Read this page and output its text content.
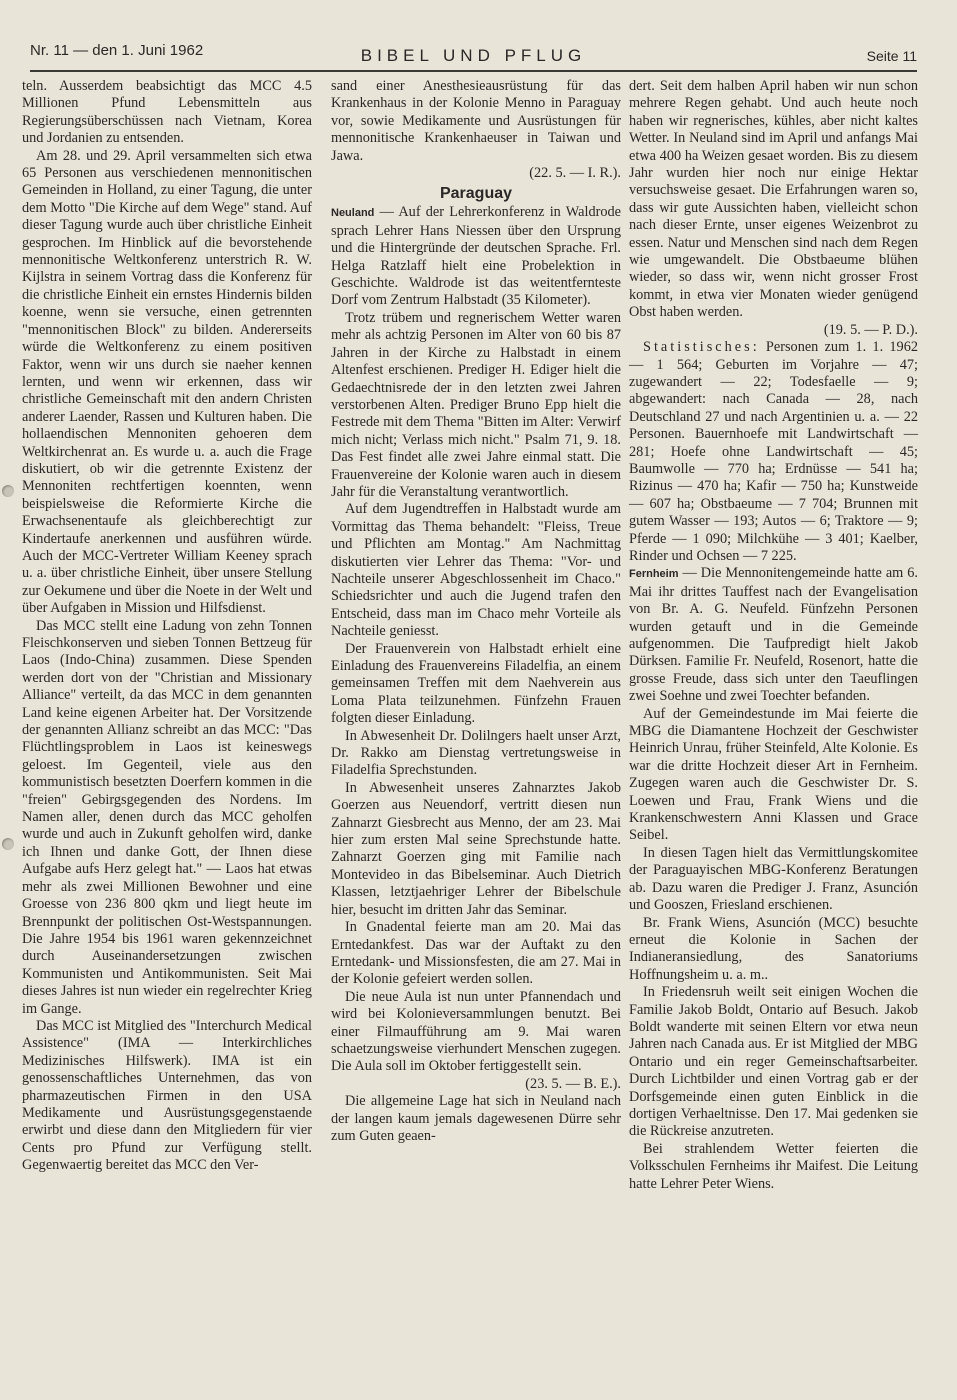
Nr. 11 — den 1. Juni 1962	BIBEL UND PFLUG	Seite 11

teln. Ausserdem beabsichtigt das MCC 4.5 Millionen Pfund Lebensmitteln aus Regierungsüberschüssen nach Vietnam, Korea und Jordanien zu entsenden.

Am 28. und 29. April versammelten sich etwa 65 Personen aus verschiedenen mennonitischen Gemeinden in Holland, zu einer Tagung, die unter dem Motto "Die Kirche auf dem Wege" stand. Auf dieser Tagung wurde auch über christliche Einheit gesprochen. Im Hinblick auf die bevorstehende mennonitische Weltkonferenz unterstrich R. W. Kijlstra in seinem Vortrag dass die Konferenz für die christliche Einheit ein ernstes Hindernis bilden koenne, wenn sie versuche, einen getrennten "mennonitischen Block" zu bilden. Andererseits würde die Weltkonferenz zu einem positiven Faktor, wenn wir uns durch sie naeher kennen lernten, und wenn wir erkennen, dass wir christliche Gemeinschaft mit den andern Christen anderer Laender, Rassen und Kulturen haben. Die hollaendischen Mennoniten gehoeren dem Weltkirchenrat an. Es wurde u. a. auch die Frage diskutiert, ob wir die getrennte Existenz der Mennoniten rechtfertigen koennten, wenn beispielsweise die Reformierte Kirche die Erwachsenentaufe als gleichberechtigt zur Kindertaufe anerkennen und ausführen würde. Auch der MCC-Vertreter William Keeney sprach u. a. über christliche Einheit, über unsere Stellung zur Oekumene und über die Noete in der Welt und über Aufgaben in Mission und Hilfsdienst.

Das MCC stellt eine Ladung von zehn Tonnen Fleischkonserven und sieben Tonnen Bettzeug für Laos (Indo-China) zusammen. Diese Spenden werden dort von der "Christian and Missionary Alliance" verteilt, da das MCC in dem genannten Land keine eigenen Arbeiter hat. Der Vorsitzende der genannten Allianz schreibt an das MCC: "Das Flüchtlingsproblem in Laos ist keineswegs geloest. Im Gegenteil, viele aus den kommunistisch besetzten Doerfern kommen in die "freien" Gebirgsgegenden des Nordens. Im Namen aller, denen durch das MCC geholfen wurde und auch in Zukunft geholfen wird, danke ich Ihnen und danke Gott, der Ihnen diese Aufgabe aufs Herz gelegt hat." — Laos hat etwas mehr als zwei Millionen Bewohner und eine Groesse von 236 800 qkm und liegt heute im Brennpunkt der politischen Ost-Westspannungen. Die Jahre 1954 bis 1961 waren gekennzeichnet durch Auseinandersetzungen zwischen Kommunisten und Antikommunisten. Seit Mai dieses Jahres ist nun wieder ein regelrechter Krieg im Gange.

Das MCC ist Mitglied des "Interchurch Medical Assistence" (IMA — Interkirchliches Medizinisches Hilfswerk). IMA ist ein genossenschaftliches Unternehmen, das von pharmazeutischen Firmen in den USA Medikamente und Ausrüstungsgegenstaende erwirbt und diese dann den Mitgliedern für vier Cents pro Pfund zur Verfügung stellt. Gegenwaertig bereitet das MCC den Ver-

sand einer Anesthesieausrüstung für das Krankenhaus in der Kolonie Menno in Paraguay vor, sowie Medikamente und Ausrüstungen für mennonitische Krankenhaeuser in Taiwan und Jawa.

(22. 5. — I. R.).
Paraguay

Neuland — Auf der Lehrerkonferenz in Waldrode sprach Lehrer Hans Niessen über den Ursprung und die Hintergründe der deutschen Sprache. Frl. Helga Ratzlaff hielt eine Probelektion in Geschichte. Waldrode ist das weitentfernteste Dorf vom Zentrum Halbstadt (35 Kilometer).

Trotz trübem und regnerischem Wetter waren mehr als achtzig Personen im Alter von 60 bis 87 Jahren in der Kirche zu Halbstadt in einem Altenfest erschienen. Prediger H. Ediger hielt die Gedaechtnisrede der in den letzten zwei Jahren verstorbenen Alten. Prediger Bruno Epp hielt die Festrede mit dem Thema "Bitten im Alter: Verwirf mich nicht; Verlass mich nicht." Psalm 71, 9. 18. Das Fest findet alle zwei Jahre einmal statt. Die Frauenvereine der Kolonie waren auch in diesem Jahr für die Veranstaltung verantwortlich.

Auf dem Jugendtreffen in Halbstadt wurde am Vormittag das Thema behandelt: "Fleiss, Treue und Pflichten am Montag." Am Nachmittag diskutierten vier Lehrer das Thema: "Vor- und Nachteile unserer Abgeschlossenheit im Chaco." Schiedsrichter und auch die Jugend trafen den Entscheid, dass man im Chaco mehr Vorteile als Nachteile geniesst.

Der Frauenverein von Halbstadt erhielt eine Einladung des Frauenvereins Filadelfia, an einem gemeinsamen Treffen mit dem Naehverein aus Loma Plata teilzunehmen. Fünfzehn Frauen folgten dieser Einladung.

In Abwesenheit Dr. Dolilngers haelt unser Arzt, Dr. Rakko am Dienstag vertretungsweise in Filadelfia Sprechstunden.

In Abwesenheit unseres Zahnarztes Jakob Goerzen aus Neuendorf, vertritt diesen nun Zahnarzt Giesbrecht aus Menno, der am 23. Mai hier zum ersten Mal seine Sprechstunde hatte. Zahnarzt Goerzen ging mit Familie nach Montevideo in das Bibelseminar. Auch Dietrich Klassen, letztjaehriger Lehrer der Bibelschule hier, besucht im dritten Jahr das Seminar.

In Gnadental feierte man am 20. Mai das Erntedankfest. Das war der Auftakt zu den Erntedank- und Missionsfesten, die am 27. Mai in der Kolonie gefeiert werden sollen.

Die neue Aula ist nun unter Pfannendach und wird bei Kolonieversammlungen benutzt. Bei einer Filmaufführung am 9. Mai waren schaetzungsweise vierhundert Menschen zugegen. Die Aula soll im Oktober fertiggestellt sein.

(23. 5. — B. E.).

Die allgemeine Lage hat sich in Neuland nach der langen kaum jemals dagewesenen Dürre sehr zum Guten geaen-

dert. Seit dem halben April haben wir nun schon mehrere Regen gehabt. Und auch heute noch haben wir regnerisches, kühles, aber nicht kaltes Wetter. In Neuland sind im April und anfangs Mai etwa 400 ha Weizen gesaet worden. Bis zu diesem Jahr wurden hier noch nur einige Hektar versuchsweise gesaet. Die Erfahrungen waren so, dass wir gute Aussichten haben, vielleicht schon nach dieser Ernte, unser eigenes Weizenbrot zu essen. Natur und Menschen sind nach dem Regen wie umgewandelt. Die Obstbaeume blühen wieder, so dass wir, wenn nicht grosser Frost kommt, in etwa vier Monaten wieder genügend Obst haben werden.

(19. 5. — P. D.).

Statistisches: Personen zum 1. 1. 1962 — 1 564; Geburten im Vorjahre — 47; zugewandert — 22; Todesfaelle — 9; abgewandert: nach Canada — 28, nach Deutschland 27 und nach Argentinien u. a. — 22 Personen. Bauernhoefe mit Landwirtschaft — 281; Hoefe ohne Landwirtschaft — 45; Baumwolle — 770 ha; Erdnüsse — 541 ha; Rizinus — 470 ha; Kafir — 750 ha; Kunstweide — 607 ha; Obstbaeume — 7 704; Brunnen mit gutem Wasser — 193; Autos — 6; Traktore — 9; Pferde — 1 090; Milchkühe — 3 401; Kaelber, Rinder und Ochsen — 7 225.

Fernheim — Die Mennonitengemeinde hatte am 6. Mai ihr drittes Tauffest nach der Evangelisation von Br. A. G. Neufeld. Fünfzehn Personen wurden getauft und in die Gemeinde aufgenommen. Die Taufpredigt hielt Jakob Dürksen. Familie Fr. Neufeld, Rosenort, hatte die grosse Freude, dass sich unter den Taeuflingen zwei Soehne und zwei Toechter befanden.

Auf der Gemeindestunde im Mai feierte die MBG die Diamantene Hochzeit der Geschwister Heinrich Unrau, früher Steinfeld, Alte Kolonie. Es war die dritte Hochzeit dieser Art in Fernheim. Zugegen waren auch die Geschwister Dr. S. Loewen und Frau, Frank Wiens und die Krankenschwestern Anni Klassen und Grace Seibel.

In diesen Tagen hielt das Vermittlungskomitee der Paraguayischen MBG-Konferenz Beratungen ab. Dazu waren die Prediger J. Franz, Asunción und Gooszen, Friesland erschienen.

Br. Frank Wiens, Asunción (MCC) besuchte erneut die Kolonie in Sachen der Indianeransiedlung, des Sanatoriums Hoffnungsheim u. a. m..

In Friedensruh weilt seit einigen Wochen die Familie Jakob Boldt, Ontario auf Besuch. Jakob Boldt wanderte mit seinen Eltern vor etwa neun Jahren nach Canada aus. Er ist Mitglied der MBG Ontario und ein reger Gemeinschaftsarbeiter. Durch Lichtbilder und einen Vortrag gab er der Dorfsgemeinde einen guten Einblick in die dortigen Verhaeltnisse. Den 17. Mai gedenken sie die Rückreise anzutreten.

Bei strahlendem Wetter feierten die Volksschulen Fernheims ihr Maifest. Die Leitung hatte Lehrer Peter Wiens.
